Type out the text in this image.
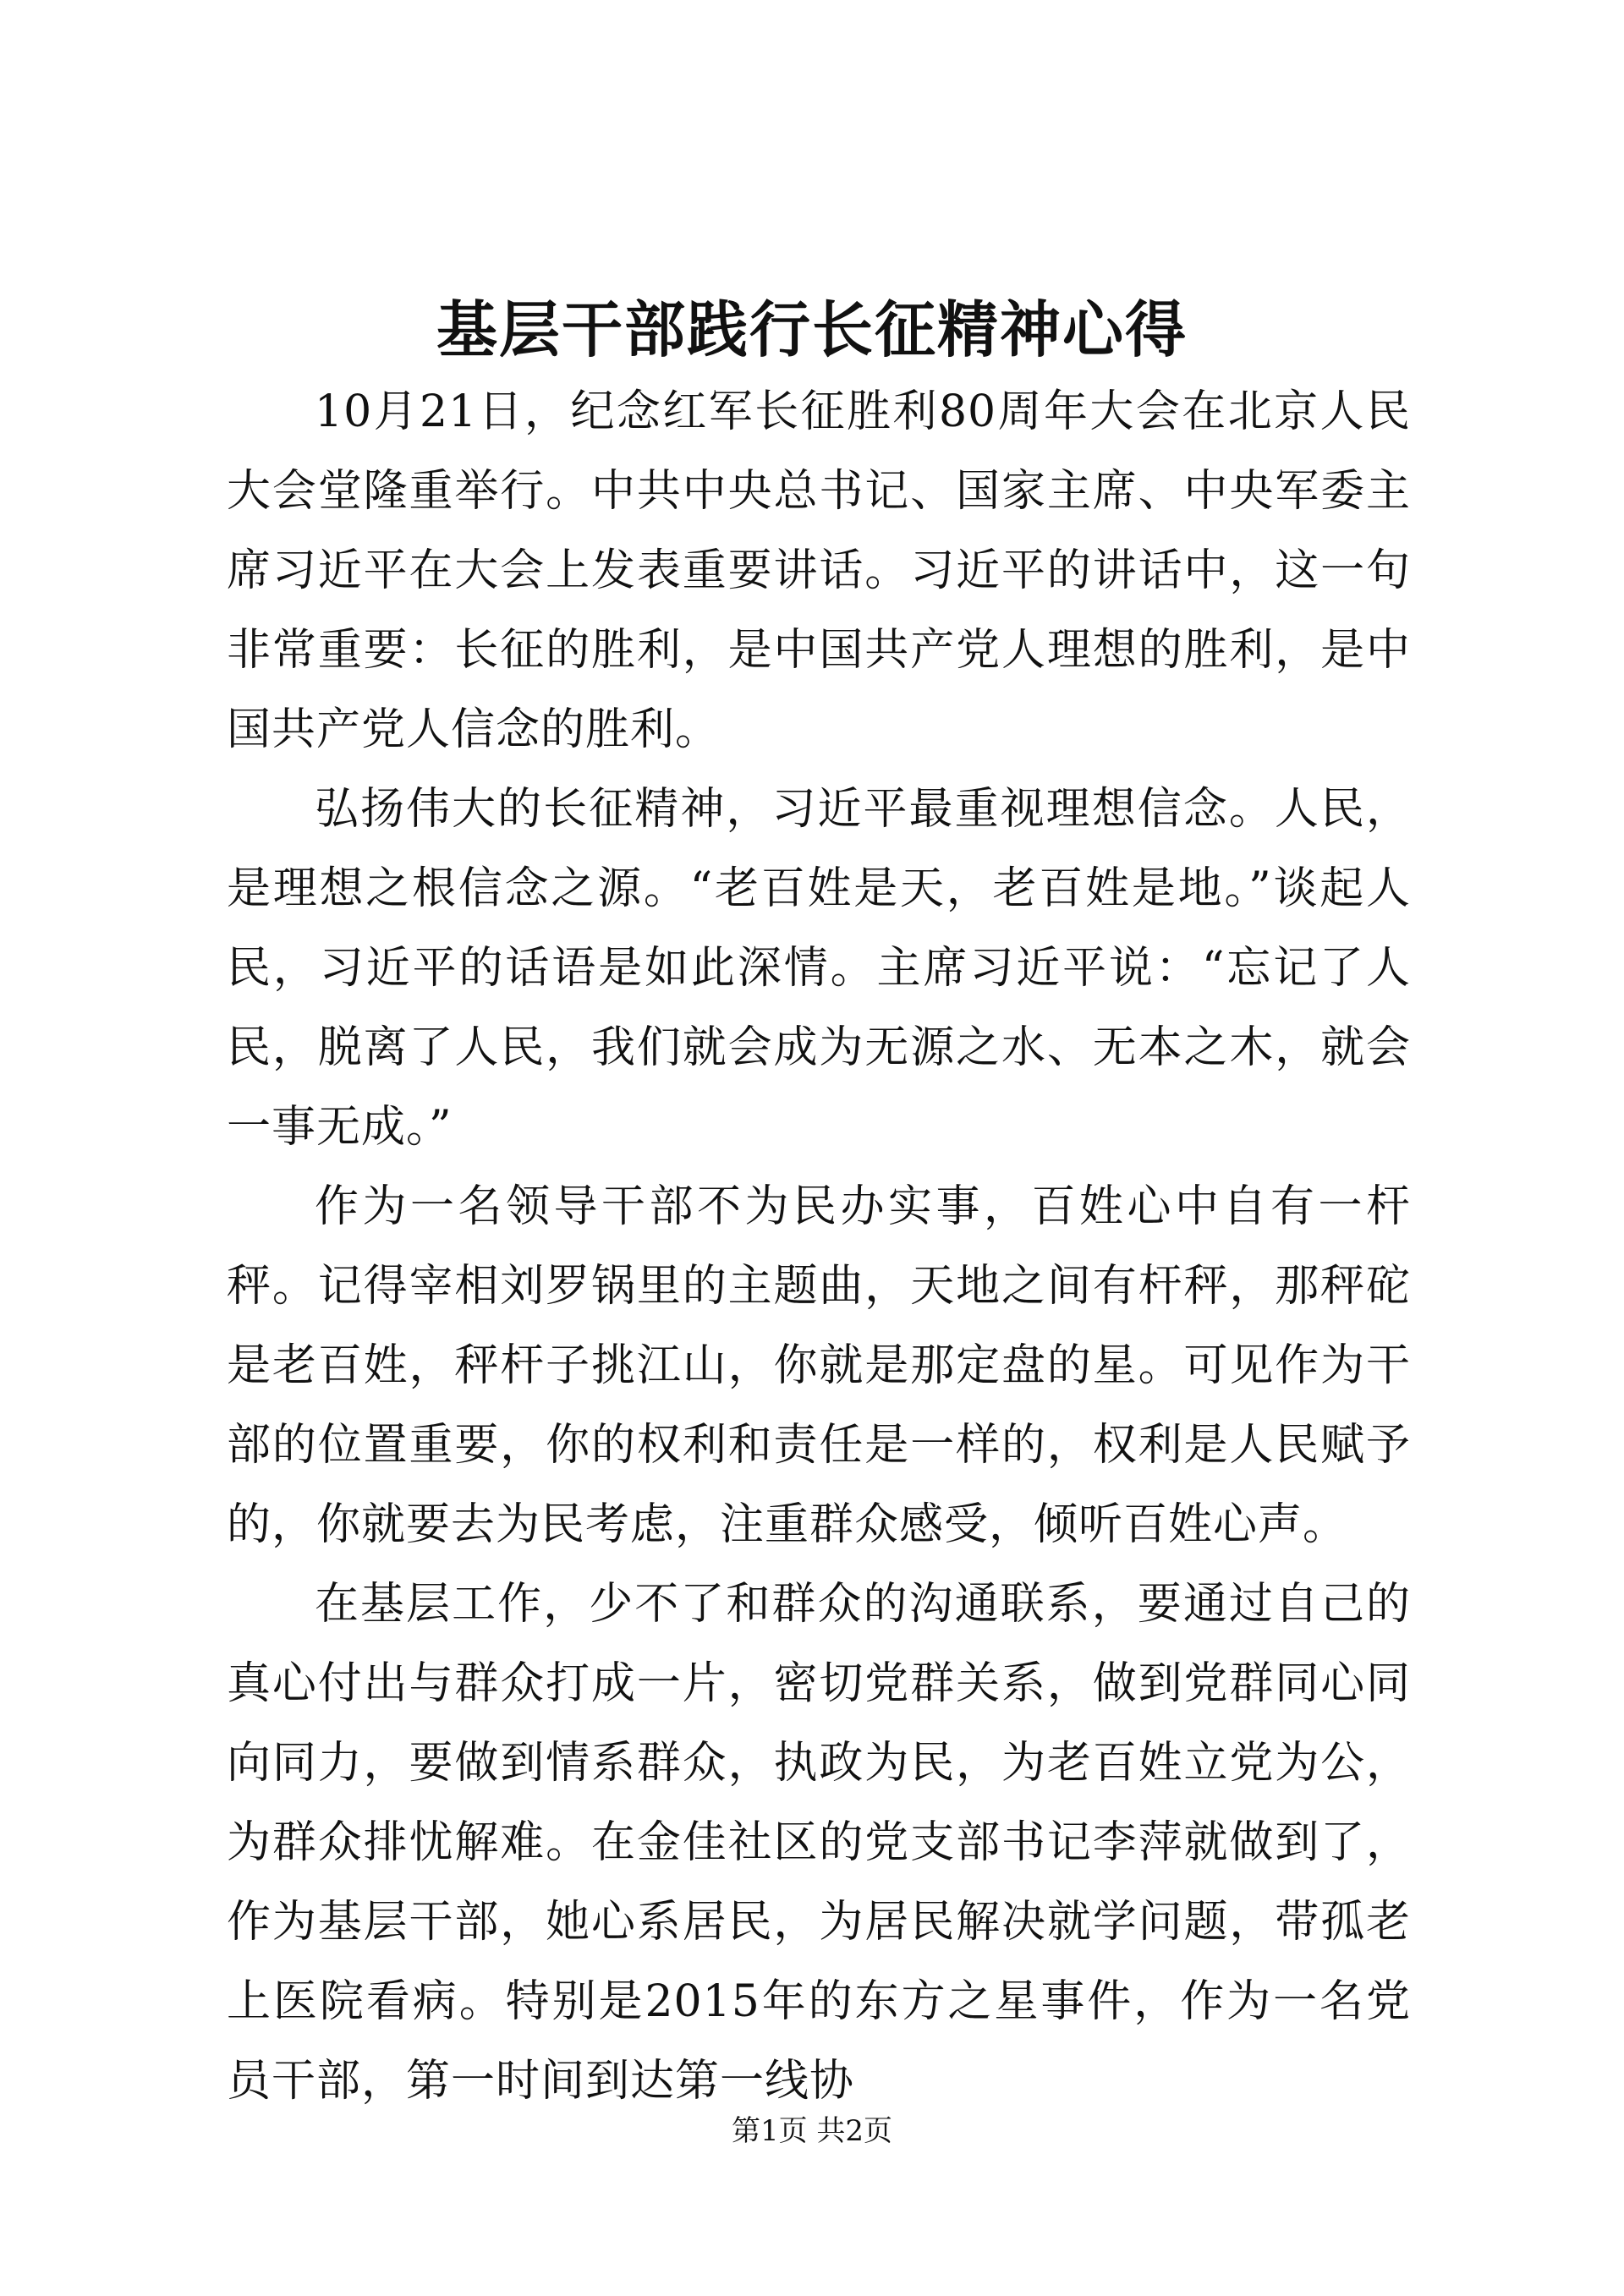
基层干部践行长征精神心得

10月21日，纪念红军长征胜利80周年大会在北京人民大会堂隆重举行。中共中央总书记、国家主席、中央军委主席习近平在大会上发表重要讲话。习近平的讲话中，这一句非常重要：长征的胜利，是中国共产党人理想的胜利，是中国共产党人信念的胜利。

弘扬伟大的长征精神，习近平最重视理想信念。人民，是理想之根信念之源。“老百姓是天，老百姓是地。”谈起人民，习近平的话语是如此深情。主席习近平说：“忘记了人民，脱离了人民，我们就会成为无源之水、无本之木，就会一事无成。”

作为一名领导干部不为民办实事，百姓心中自有一杆秤。记得宰相刘罗锅里的主题曲，天地之间有杆秤，那秤砣是老百姓，秤杆子挑江山，你就是那定盘的星。可见作为干部的位置重要，你的权利和责任是一样的，权利是人民赋予的，你就要去为民考虑，注重群众感受，倾听百姓心声。

在基层工作，少不了和群众的沟通联系，要通过自己的真心付出与群众打成一片，密切党群关系，做到党群同心同向同力，要做到情系群众，执政为民，为老百姓立党为公，为群众排忧解难。在金佳社区的党支部书记李萍就做到了，作为基层干部，她心系居民，为居民解决就学问题，带孤老上医院看病。特别是2015年的东方之星事件，作为一名党员干部，第一时间到达第一线协

第1页 共2页
